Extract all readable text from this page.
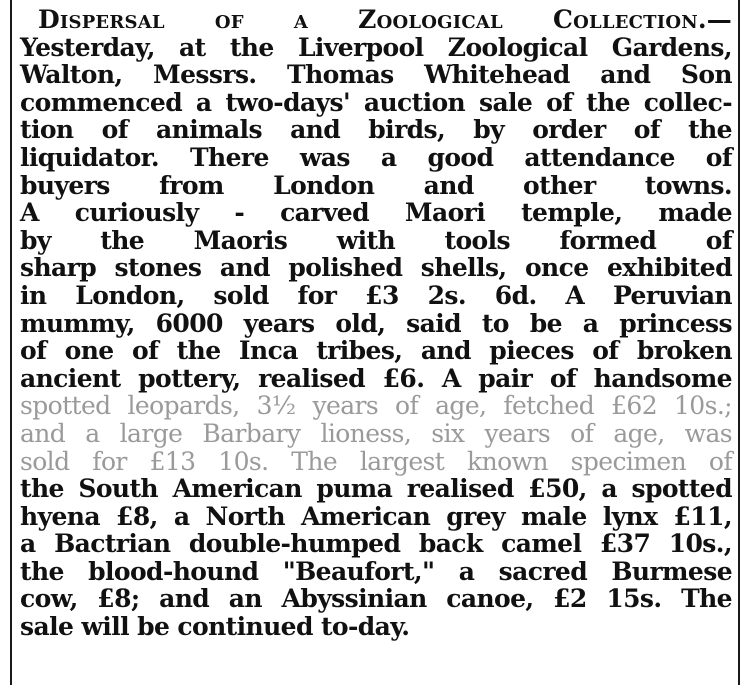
Dispersal of a Zoological Collection.—
Yesterday, at the Liverpool Zoological Gardens,
Walton, Messrs. Thomas Whitehead and Son
commenced a two-days' auction sale of the collec-
tion of animals and birds, by order of the
liquidator. There was a good attendance of
buyers from London and other towns.
A curiously - carved Maori temple, made
by the Maoris with tools formed of
sharp stones and polished shells, once exhibited
in London, sold for £3 2s. 6d. A Peruvian
mummy, 6000 years old, said to be a princess
of one of the Inca tribes, and pieces of broken
ancient pottery, realised £6. A pair of handsome
spotted leopards, 3½ years of age, fetched £62 10s.;
and a large Barbary lioness, six years of age, was
sold for £13 10s. The largest known specimen of
the South American puma realised £50, a spotted
hyena £8, a North American grey male lynx £11,
a Bactrian double-humped back camel £37 10s.,
the blood-hound "Beaufort," a sacred Burmese
cow, £8; and an Abyssinian canoe, £2 15s. The
sale will be continued to-day.
